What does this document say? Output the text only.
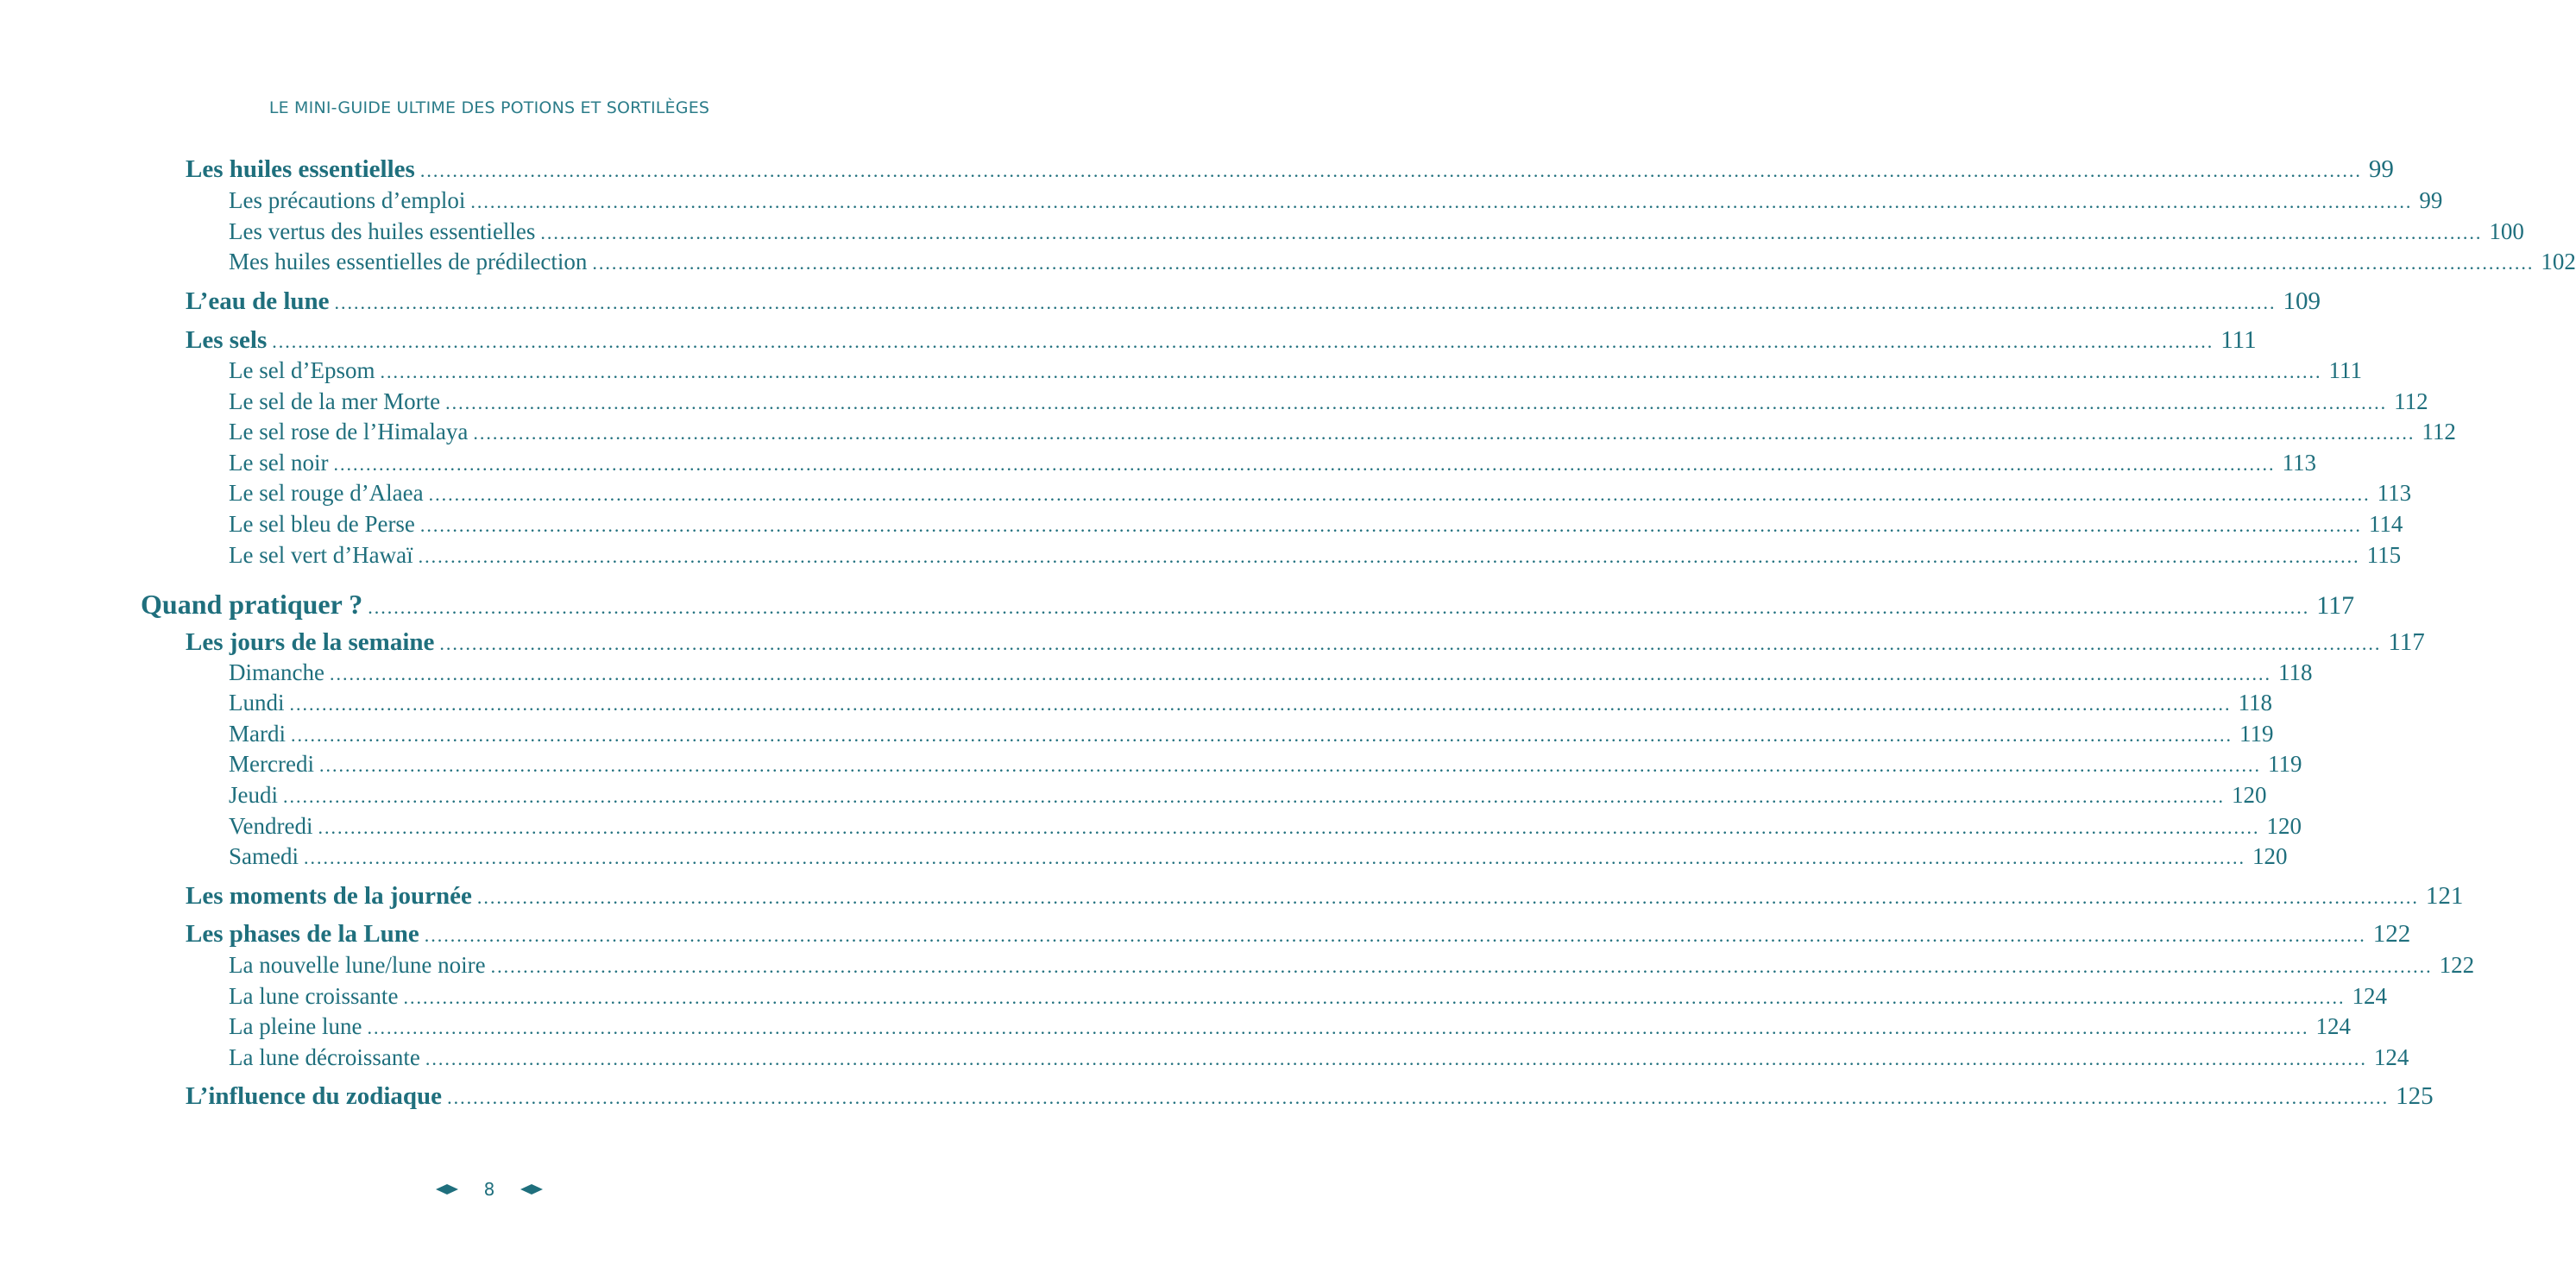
LE MINI-GUIDE ULTIME DES POTIONS ET SORTILÈGES
Les huiles essentielles ............................................................................................................................................................................................................................................................................................................ 99
Les précautions d’emploi ............................................................................................................................................................................................................................................................................................................ 99
Les vertus des huiles essentielles ............................................................................................................................................................................................................................................................................................................ 100
Mes huiles essentielles de prédilection ............................................................................................................................................................................................................................................................................................................ 102
L’eau de lune ............................................................................................................................................................................................................................................................................................................ 109
Les sels ............................................................................................................................................................................................................................................................................................................ 111
Le sel d’Epsom ............................................................................................................................................................................................................................................................................................................ 111
Le sel de la mer Morte ............................................................................................................................................................................................................................................................................................................ 112
Le sel rose de l’Himalaya ............................................................................................................................................................................................................................................................................................................ 112
Le sel noir ............................................................................................................................................................................................................................................................................................................ 113
Le sel rouge d’Alaea ............................................................................................................................................................................................................................................................................................................ 113
Le sel bleu de Perse ............................................................................................................................................................................................................................................................................................................ 114
Le sel vert d’Hawaï ............................................................................................................................................................................................................................................................................................................ 115
Quand pratiquer ? ............................................................................................................................................................................................................................................................................................................ 117
Les jours de la semaine ............................................................................................................................................................................................................................................................................................................ 117
Dimanche ............................................................................................................................................................................................................................................................................................................ 118
Lundi ............................................................................................................................................................................................................................................................................................................ 118
Mardi ............................................................................................................................................................................................................................................................................................................ 119
Mercredi ............................................................................................................................................................................................................................................................................................................ 119
Jeudi ............................................................................................................................................................................................................................................................................................................ 120
Vendredi ............................................................................................................................................................................................................................................................................................................ 120
Samedi ............................................................................................................................................................................................................................................................................................................ 120
Les moments de la journée ............................................................................................................................................................................................................................................................................................................ 121
Les phases de la Lune ............................................................................................................................................................................................................................................................................................................ 122
La nouvelle lune/lune noire ............................................................................................................................................................................................................................................................................................................ 122
La lune croissante ............................................................................................................................................................................................................................................................................................................ 124
La pleine lune ............................................................................................................................................................................................................................................................................................................ 124
La lune décroissante ............................................................................................................................................................................................................................................................................................................ 124
L’influence du zodiaque ............................................................................................................................................................................................................................................................................................................ 125
8
